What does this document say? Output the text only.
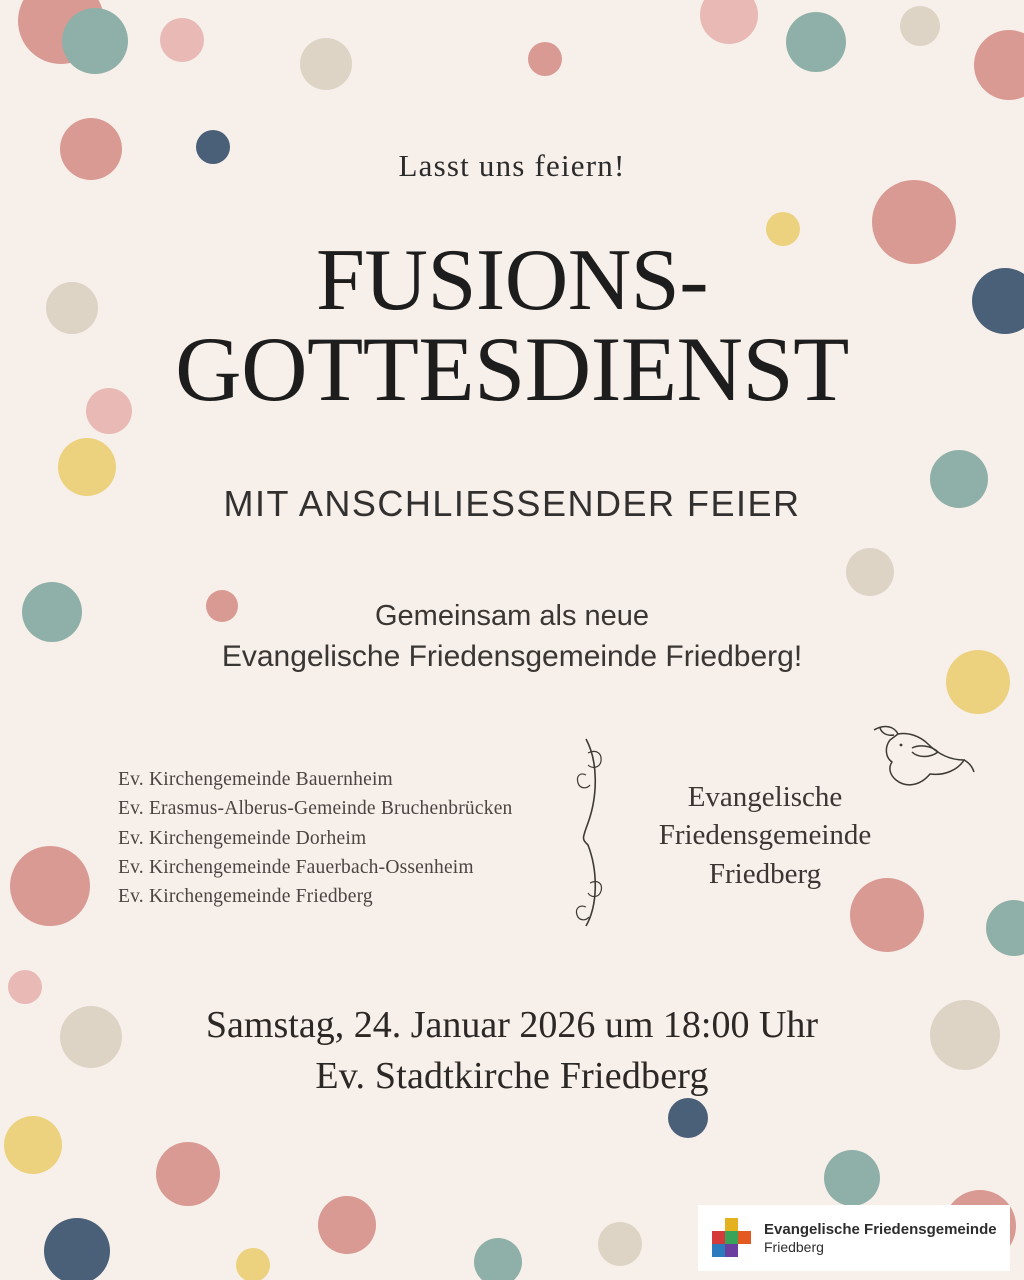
Lasst uns feiern!
FUSIONS-
GOTTESDIENST
MIT ANSCHLIESSENDER FEIER
Gemeinsam als neue
Evangelische Friedensgemeinde Friedberg!
Ev. Kirchengemeinde Bauernheim
Ev. Erasmus-Alberus-Gemeinde Bruchenbrücken
Ev. Kirchengemeinde Dorheim
Ev. Kirchengemeinde Fauerbach-Ossenheim
Ev. Kirchengemeinde Friedberg
Evangelische
Friedensgemeinde
Friedberg
Samstag, 24. Januar 2026 um 18:00 Uhr
Ev. Stadtkirche Friedberg
Evangelische Friedensgemeinde
Friedberg
